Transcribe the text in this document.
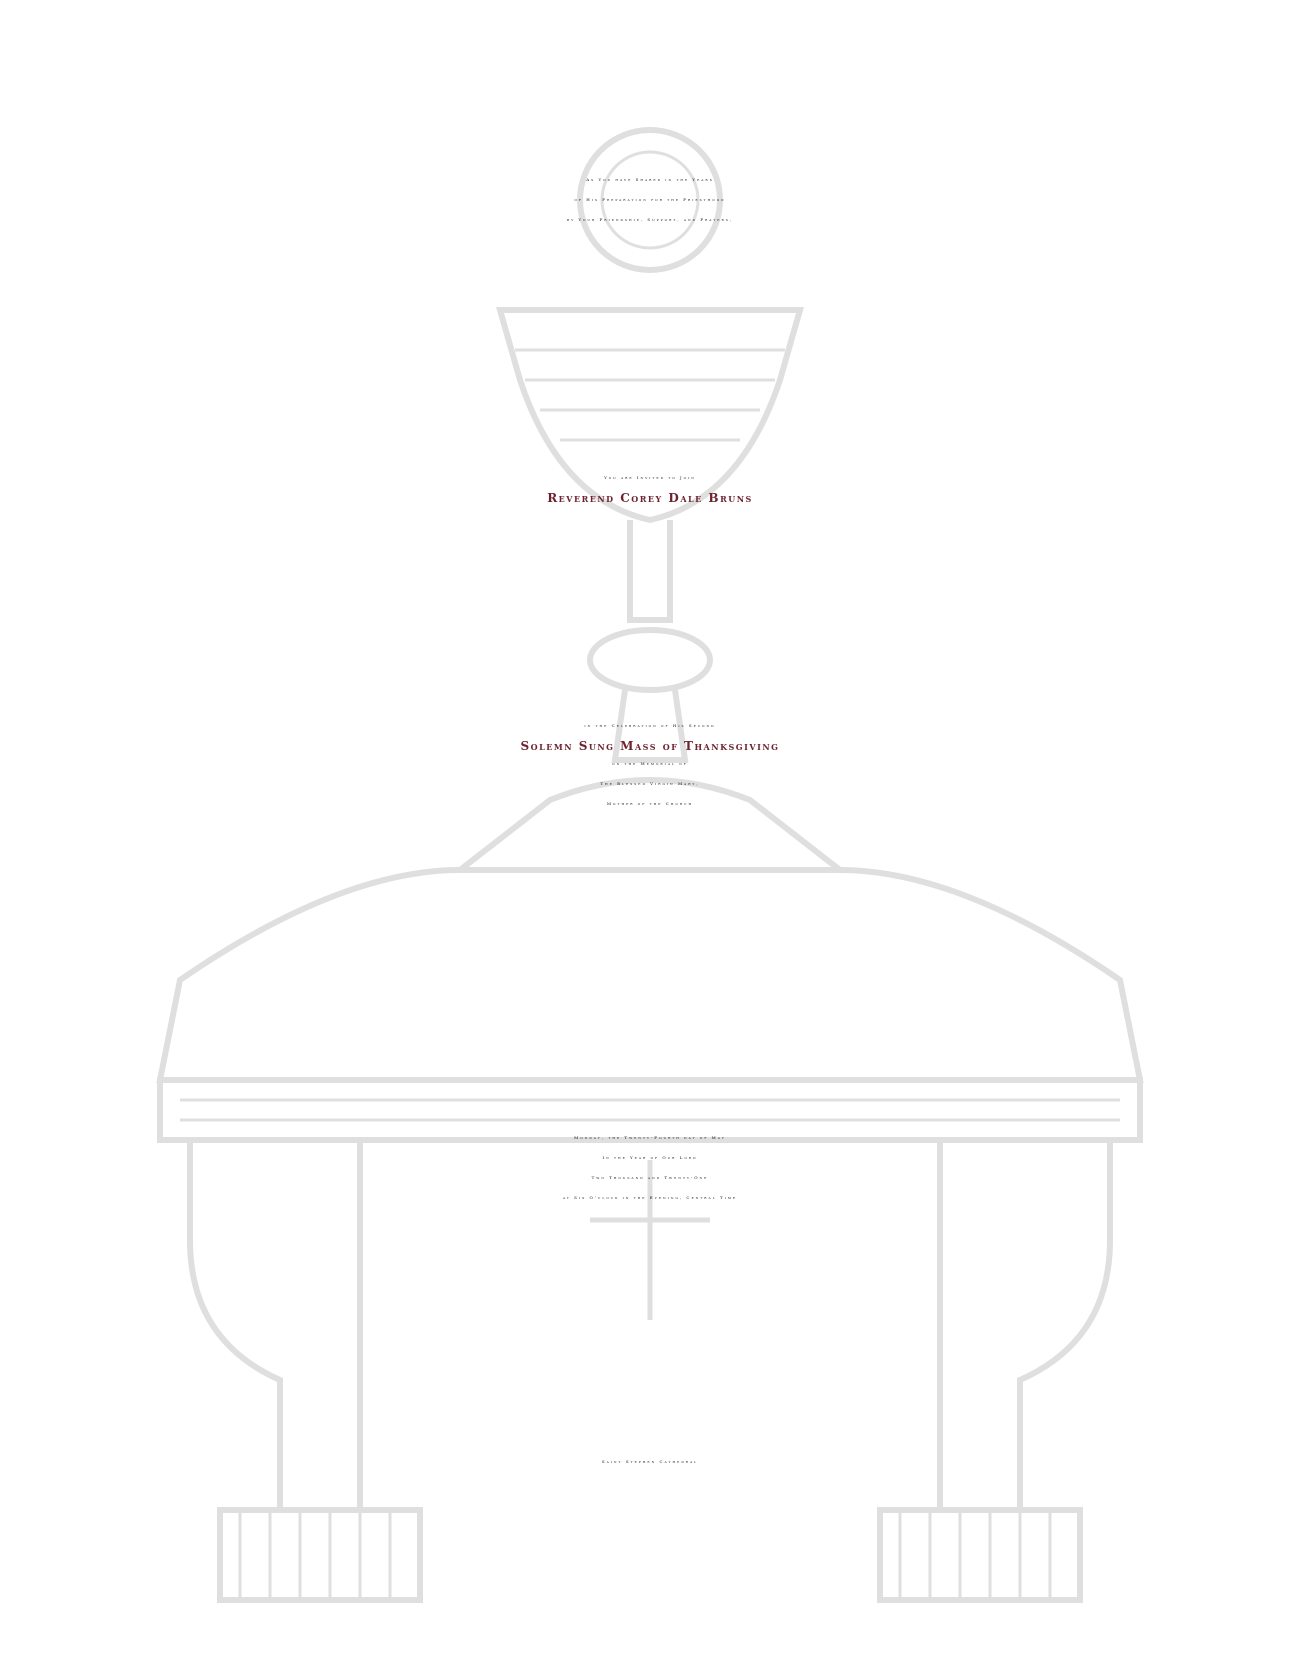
As You have Shared in the Years
of His Preparation for the Priesthood
by Your Friendship, Support, and Prayers,
You are Invited to Join
Reverend Corey Dale Bruns
in the Celebration of His Second
Solemn Sung Mass of Thanksgiving
on the Memorial of
The Blessed Virgin Mary,
Mother of the Church
Monday, the Twenty-Fourth day of May
In the Year of Our Lord
Two Thousand and Twenty-One
at Six O’clock in the Evening, Central Time
Saint Stephen Cathedral
